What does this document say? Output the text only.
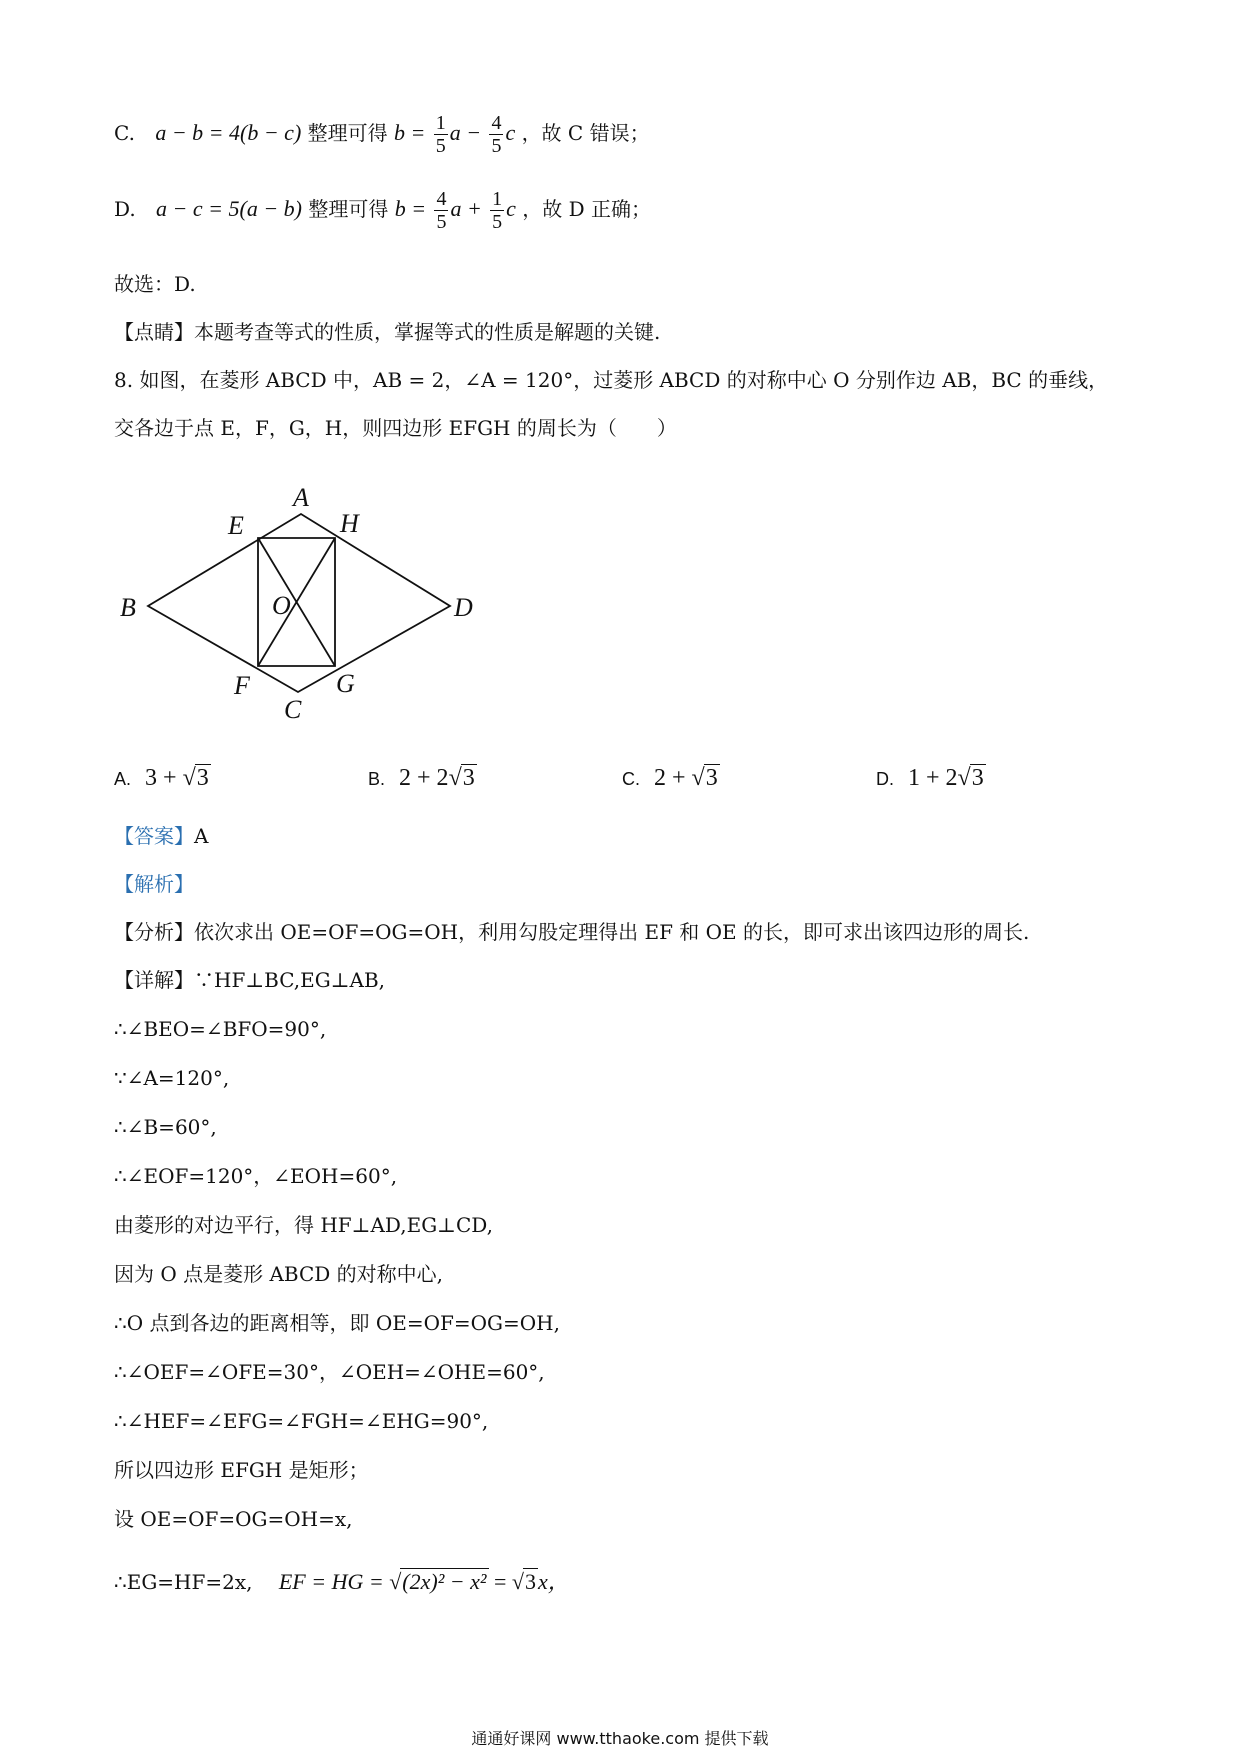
C. a − b = 4(b − c) 整理可得 $b = \frac{1}{5}$ $a - \frac{4}{5}$ c ，故 C 错误；
D. a − c = 5(a − b) 整理可得 $b = \frac{4}{5}$ $a + \frac{1}{5}$ c ，故 D 正确；
故选：D.
【点睛】本题考查等式的性质，掌握等式的性质是解题的关键.
8. 如图，在菱形 ABCD 中，AB = 2，∠A = 120°，过菱形 ABCD 的对称中心 O 分别作边 AB，BC 的垂线，
交各边于点 E，F，G，H，则四边形 EFGH 的周长为（　　）
A
B
C
D
E
F	G
H
O
A. 3 + √3	B. 2 + 2√3	C. 2 + √3	D. 1 + 2√3
【答案】A
【解析】
【分析】依次求出 OE=OF=OG=OH，利用勾股定理得出 EF 和 OE 的长，即可求出该四边形的周长.
【详解】∵HF⊥BC,EG⊥AB,
∴∠BEO=∠BFO=90°,
∵∠A=120°,
∴∠B=60°,
∴∠EOF=120°，∠EOH=60°,
由菱形的对边平行，得 HF⊥AD,EG⊥CD,
因为 O 点是菱形 ABCD 的对称中心,
∴O 点到各边的距离相等，即 OE=OF=OG=OH,
∴∠OEF=∠OFE=30°，∠OEH=∠OHE=60°,
∴∠HEF=∠EFG=∠FGH=∠EHG=90°,
所以四边形 EFGH 是矩形；
设 OE=OF=OG=OH=x,
∴EG=HF=2x, EF = HG = √(2x)² − x² = √3x，
通通好课网 www.tthaoke.com 提供下载
